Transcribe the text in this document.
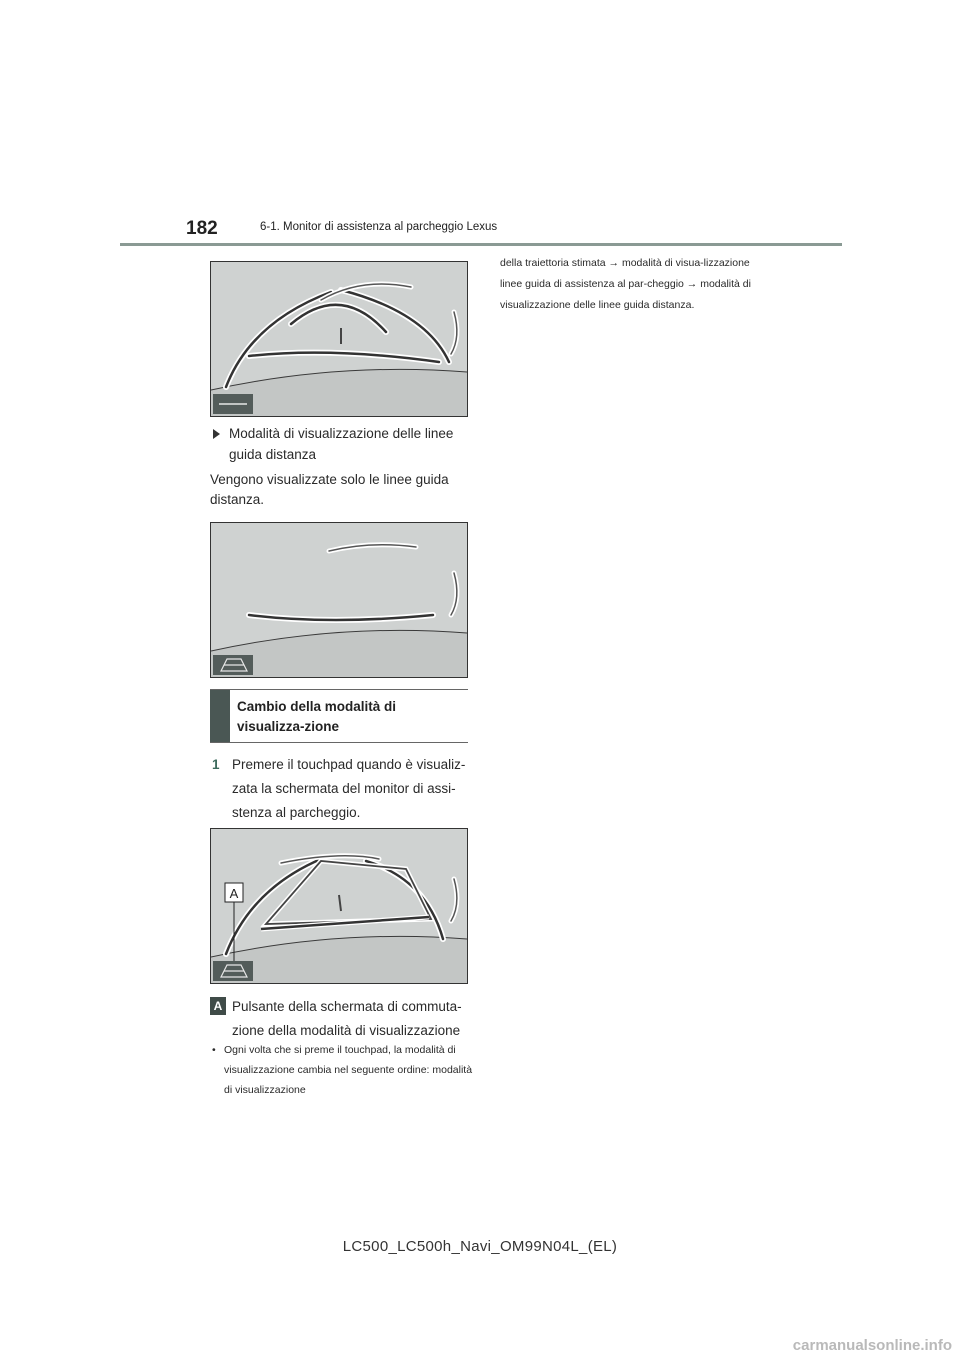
182	6-1. Monitor di assistenza al parcheggio Lexus
Modalità di visualizzazione delle linee guida distanza
Vengono visualizzate solo le linee guida distanza.
Cambio della modalità di visualizza-zione
1 Premere il touchpad quando è visualiz-zata la schermata del monitor di assi-stenza al parcheggio.
A
A Pulsante della schermata di commuta-zione della modalità di visualizzazione
• Ogni volta che si preme il touchpad, la modalità di visualizzazione cambia nel seguente ordine: modalità di visualizzazione
della traiettoria stimata → modalità di visua-lizzazione linee guida di assistenza al par-cheggio → modalità di visualizzazione delle linee guida distanza.
LC500_LC500h_Navi_OM99N04L_(EL)
carmanualsonline.info
